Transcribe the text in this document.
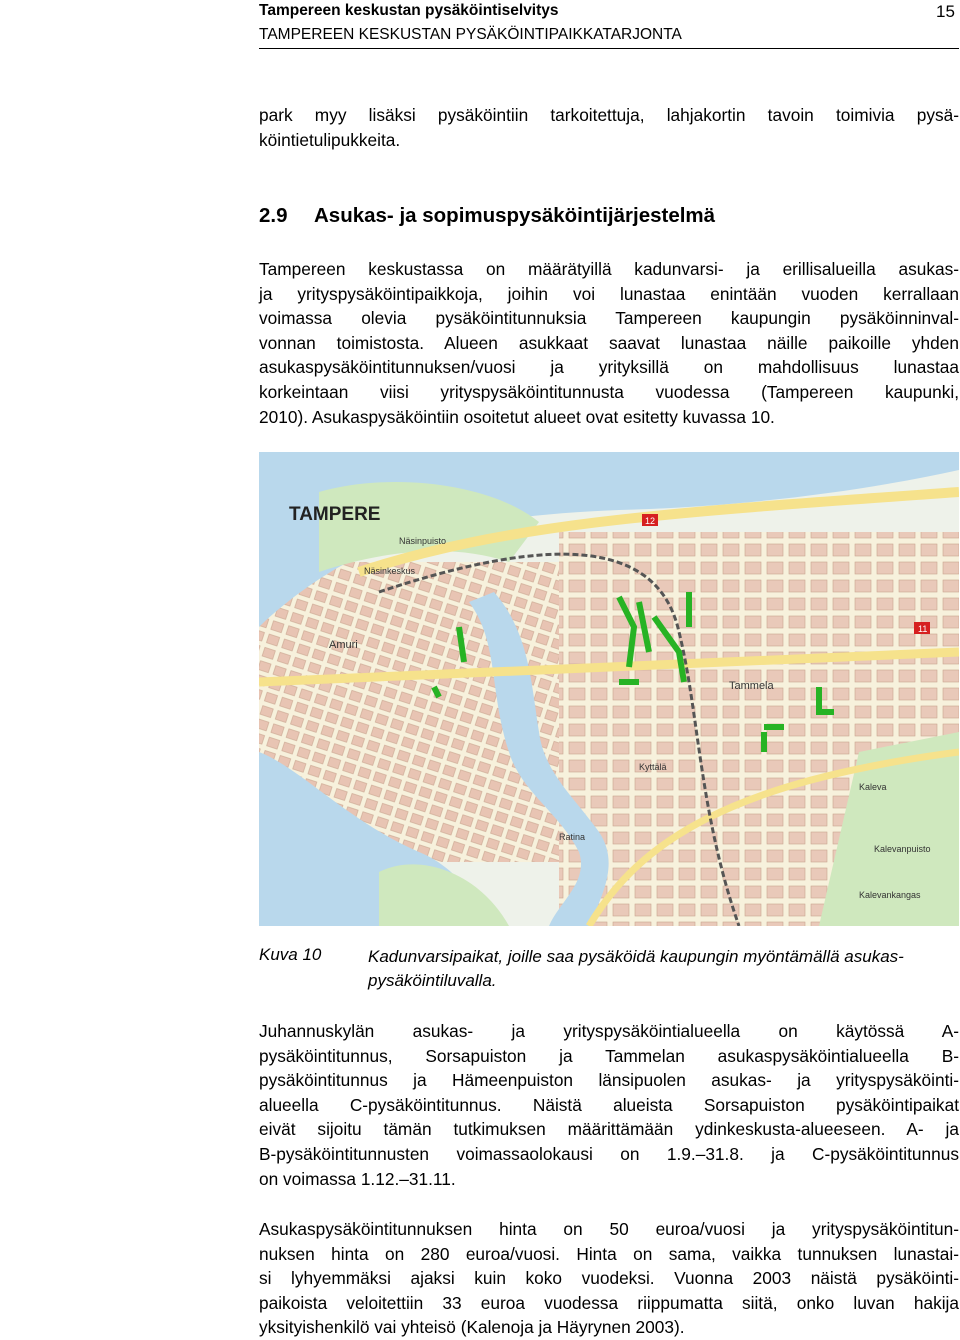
Tampereen keskustan pysäköintiselvitys
TAMPEREEN KESKUSTAN PYSÄKÖINTIPAIKKATARJONTA
15
park myy lisäksi pysäköintiin tarkoitettuja, lahjakortin tavoin toimivia pysä-
köintietulipukkeita.
2.9 Asukas- ja sopimuspysäköintijärjestelmä
Tampereen keskustassa on määrätyillä kadunvarsi- ja erillisalueilla asukas-
ja yrityspysäköintipaikkoja, joihin voi lunastaa enintään vuoden kerrallaan
voimassa olevia pysäköintitunnuksia Tampereen kaupungin pysäköinninval-
vonnan toimistosta. Alueen asukkaat saavat lunastaa näille paikoille yhden
asukaspysäköintitunnuksen/vuosi ja yrityksillä on mahdollisuus lunastaa
korkeintaan viisi yrityspysäköintitunnusta vuodessa (Tampereen kaupunki,
2010). Asukaspysäköintiin osoitetut alueet ovat esitetty kuvassa 10.
TAMPERE
Näsinkeskus
Näsinpuisto
Amuri
Tammela
Kalevankangas
Ratina
Kalevanpuisto
Kyttälä
Kaleva
12
11
Kuva 10	Kadunvarsipaikat, joille saa pysäköidä kaupungin myöntämällä asukas-
pysäköintiluvalla.
Juhannuskylän asukas- ja yrityspysäköintialueella on käytössä A-
pysäköintitunnus, Sorsapuiston ja Tammelan asukaspysäköintialueella B-
pysäköintitunnus ja Hämeenpuiston länsipuolen asukas- ja yrityspysäköinti-
alueella C-pysäköintitunnus. Näistä alueista Sorsapuiston pysäköintipaikat
eivät sijoitu tämän tutkimuksen määrittämään ydinkeskusta-alueeseen. A- ja
B-pysäköintitunnusten voimassaolokausi on 1.9.–31.8. ja C-pysäköintitunnus
on voimassa 1.12.–31.11.
Asukaspysäköintitunnuksen hinta on 50 euroa/vuosi ja yrityspysäköintitun-
nuksen hinta on 280 euroa/vuosi. Hinta on sama, vaikka tunnuksen lunastai-
si lyhyemmäksi ajaksi kuin koko vuodeksi. Vuonna 2003 näistä pysäköinti-
paikoista veloitettiin 33 euroa vuodessa riippumatta siitä, onko luvan hakija
yksityishenkilö vai yhteisö (Kalenoja ja Häyrynen 2003).
